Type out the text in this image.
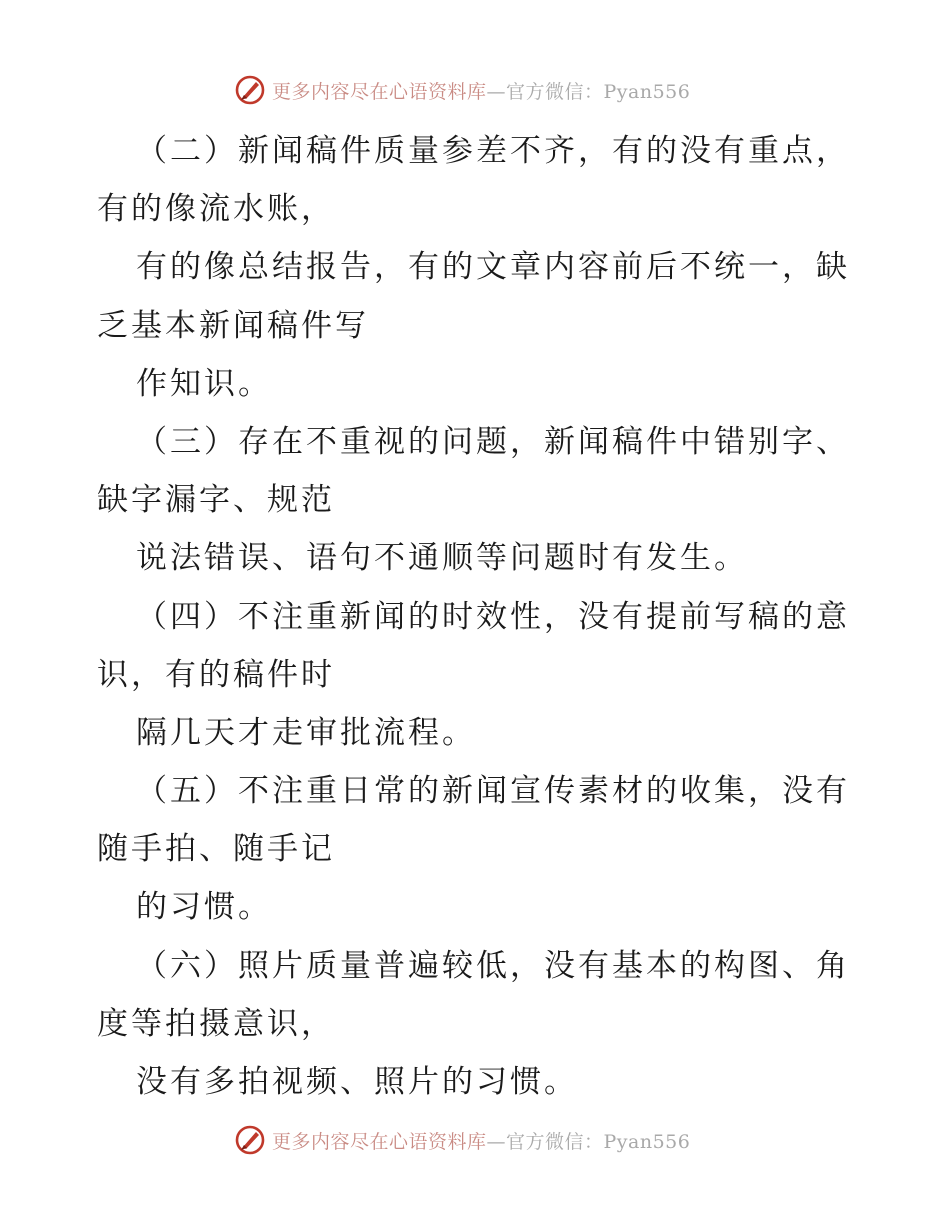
更多内容尽在心语资料库—官方微信：Pyan556
（二）新闻稿件质量参差不齐，有的没有重点，
有的像流水账，
有的像总结报告，有的文章内容前后不统一，缺
乏基本新闻稿件写
作知识。
（三）存在不重视的问题，新闻稿件中错别字、
缺字漏字、规范
说法错误、语句不通顺等问题时有发生。
（四）不注重新闻的时效性，没有提前写稿的意
识，有的稿件时
隔几天才走审批流程。
（五）不注重日常的新闻宣传素材的收集，没有
随手拍、随手记
的习惯。
（六）照片质量普遍较低，没有基本的构图、角
度等拍摄意识，
没有多拍视频、照片的习惯。
更多内容尽在心语资料库—官方微信：Pyan556
